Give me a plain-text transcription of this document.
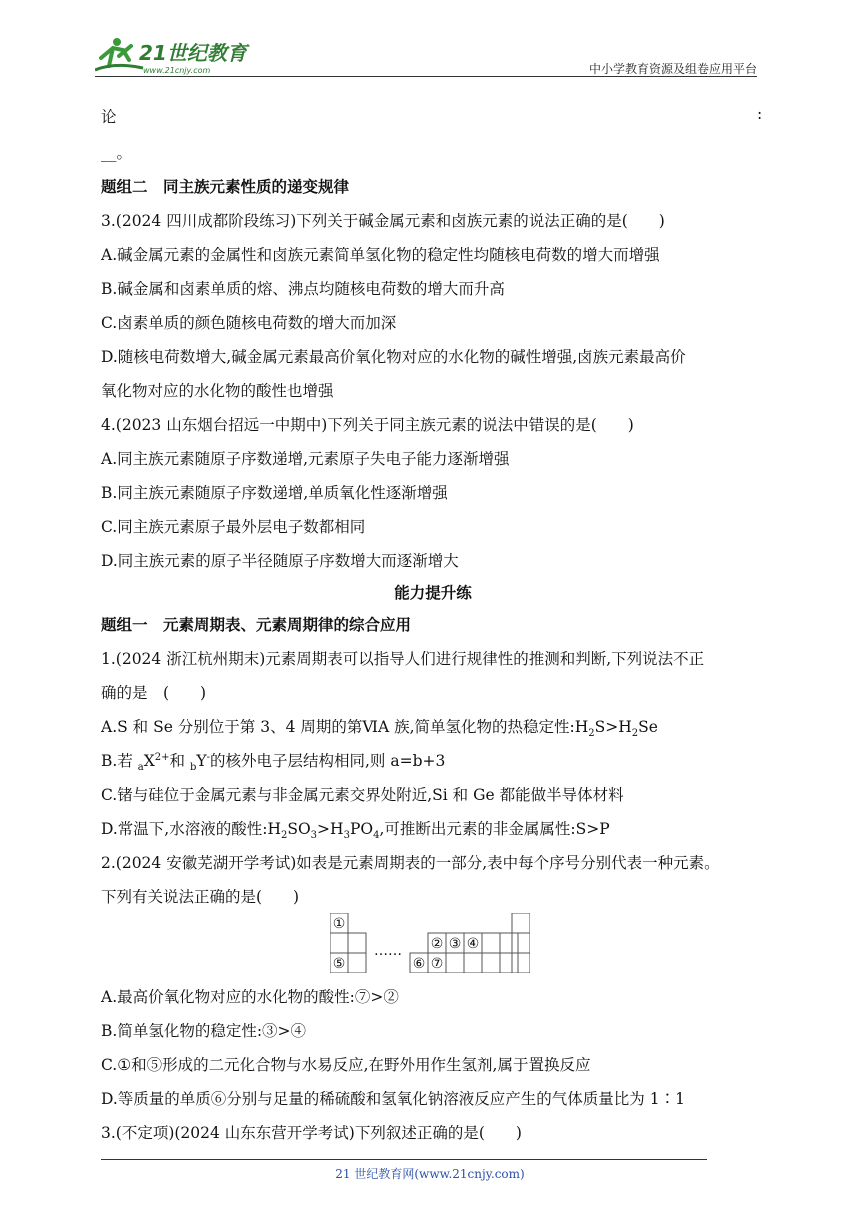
21世纪教育
www.21cnjy.com	中小学教育资源及组卷应用平台
论	:
__。
题组二　同主族元素性质的递变规律
3.(2024 四川成都阶段练习)下列关于碱金属元素和卤族元素的说法正确的是(　　)
A.碱金属元素的金属性和卤族元素简单氢化物的稳定性均随核电荷数的增大而增强
B.碱金属和卤素单质的熔、沸点均随核电荷数的增大而升高
C.卤素单质的颜色随核电荷数的增大而加深
D.随核电荷数增大,碱金属元素最高价氧化物对应的水化物的碱性增强,卤族元素最高价
氧化物对应的水化物的酸性也增强
4.(2023 山东烟台招远一中期中)下列关于同主族元素的说法中错误的是(　　)
A.同主族元素随原子序数递增,元素原子失电子能力逐渐增强
B.同主族元素随原子序数递增,单质氧化性逐渐增强
C.同主族元素原子最外层电子数都相同
D.同主族元素的原子半径随原子序数增大而逐渐增大
能力提升练
题组一　元素周期表、元素周期律的综合应用
1.(2024 浙江杭州期末)元素周期表可以指导人们进行规律性的推测和判断,下列说法不正
确的是　(　　)
A.S 和 Se 分别位于第 3、4 周期的第ⅥA 族,简单氢化物的热稳定性$:H_2S>H_2Se$
B.若 $_aX^{2+}$和 $_b$Y-的核外电子层结构相同,则 a=b+3
C.锗与硅位于金属元素与非金属元素交界处附近,Si 和 Ge 都能做半导体材料
D.常温下,水溶液的酸性$:H_2SO_3>H_3PO_4$,可推断出元素的非金属属性:S>P
2.(2024 安徽芜湖开学考试)如表是元素周期表的一部分,表中每个序号分别代表一种元素。
下列有关说法正确的是(　　)
A.最高价氧化物对应的水化物的酸性:⑦>②
B.简单氢化物的稳定性:③>④
C.①和⑤形成的二元化合物与水易反应,在野外用作生氢剂,属于置换反应
D.等质量的单质⑥分别与足量的稀硫酸和氢氧化钠溶液反应产生的气体质量比为 1∶1
3.(不定项)(2024 山东东营开学考试)下列叙述正确的是(　　)
①
⑤
② ③ ④
⑥ ⑦
……
21 世纪教育网(www.21cnjy.com)
